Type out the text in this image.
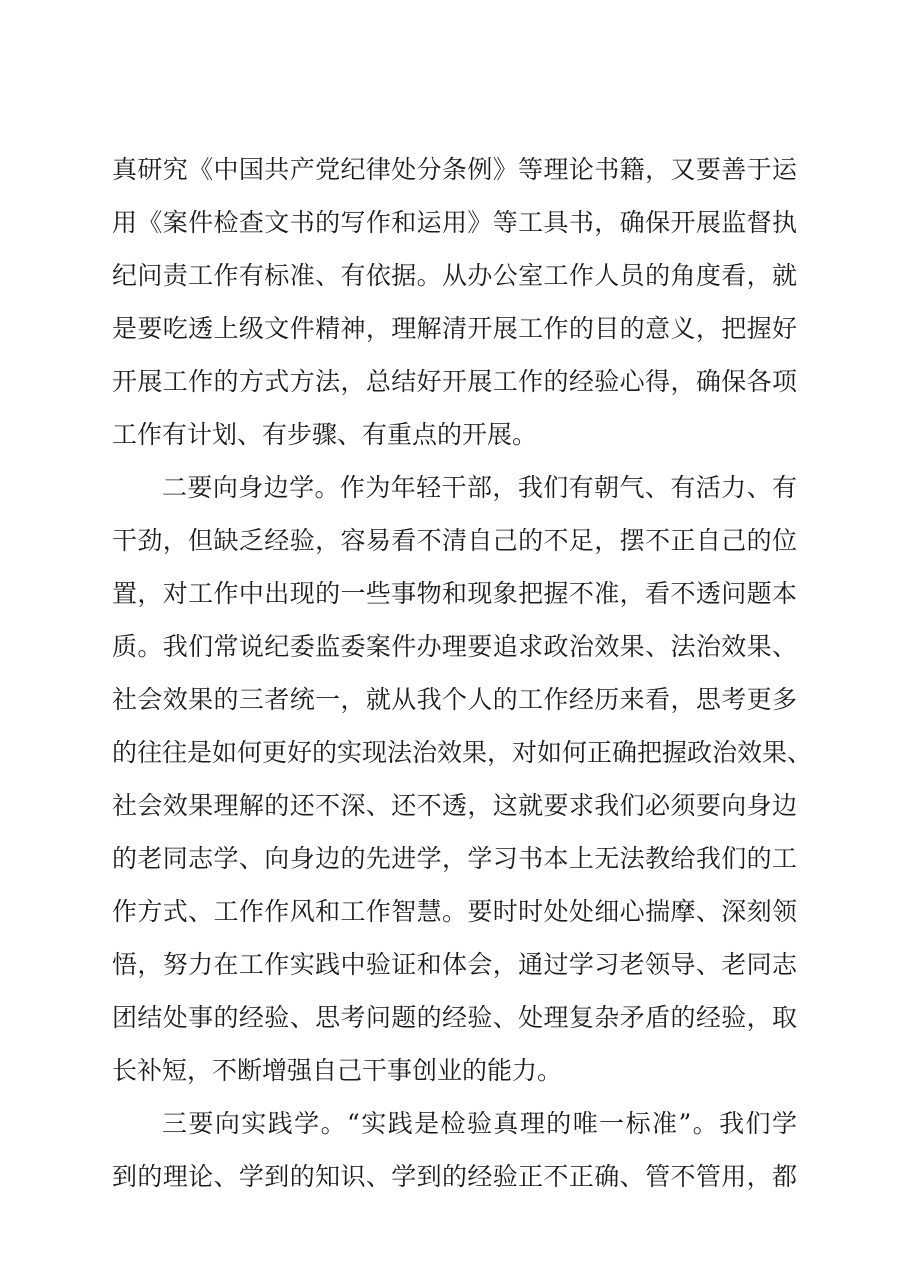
真研究《中国共产党纪律处分条例》等理论书籍，又要善于运
用《案件检查文书的写作和运用》等工具书，确保开展监督执
纪问责工作有标准、有依据。从办公室工作人员的角度看，就
是要吃透上级文件精神，理解清开展工作的目的意义，把握好
开展工作的方式方法，总结好开展工作的经验心得，确保各项
工作有计划、有步骤、有重点的开展。
二要向身边学。作为年轻干部，我们有朝气、有活力、有
干劲，但缺乏经验，容易看不清自己的不足，摆不正自己的位
置，对工作中出现的一些事物和现象把握不准，看不透问题本
质。我们常说纪委监委案件办理要追求政治效果、法治效果、
社会效果的三者统一，就从我个人的工作经历来看，思考更多
的往往是如何更好的实现法治效果，对如何正确把握政治效果、
社会效果理解的还不深、还不透，这就要求我们必须要向身边
的老同志学、向身边的先进学，学习书本上无法教给我们的工
作方式、工作作风和工作智慧。要时时处处细心揣摩、深刻领
悟，努力在工作实践中验证和体会，通过学习老领导、老同志
团结处事的经验、思考问题的经验、处理复杂矛盾的经验，取
长补短，不断增强自己干事创业的能力。
三要向实践学。“实践是检验真理的唯一标准”。我们学
到的理论、学到的知识、学到的经验正不正确、管不管用，都
